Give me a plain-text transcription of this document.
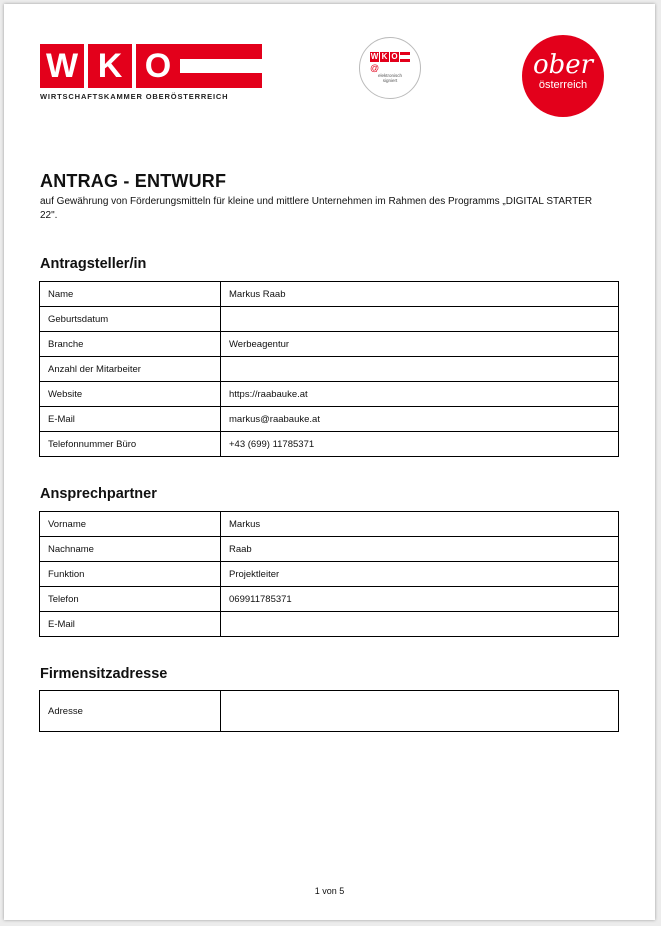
W K O
WIRTSCHAFTSKAMMER OBERÖSTERREICH
W K O
@
elektronisch
signiert
ober
österreich
ANTRAG - ENTWURF
auf Gewährung von Förderungsmitteln für kleine und mittlere Unternehmen im Rahmen des Programms „DIGITAL STARTER 22".
Antragsteller/in
Name	Markus Raab
Geburtsdatum	
Branche	Werbeagentur
Anzahl der Mitarbeiter	
Website	https://raabauke.at
E-Mail	markus@raabauke.at
Telefonnummer Büro	+43 (699) 11785371
Ansprechpartner
Vorname	Markus
Nachname	Raab
Funktion	Projektleiter
Telefon	069911785371
E-Mail	
Firmensitzadresse
Adresse	
1 von 5
